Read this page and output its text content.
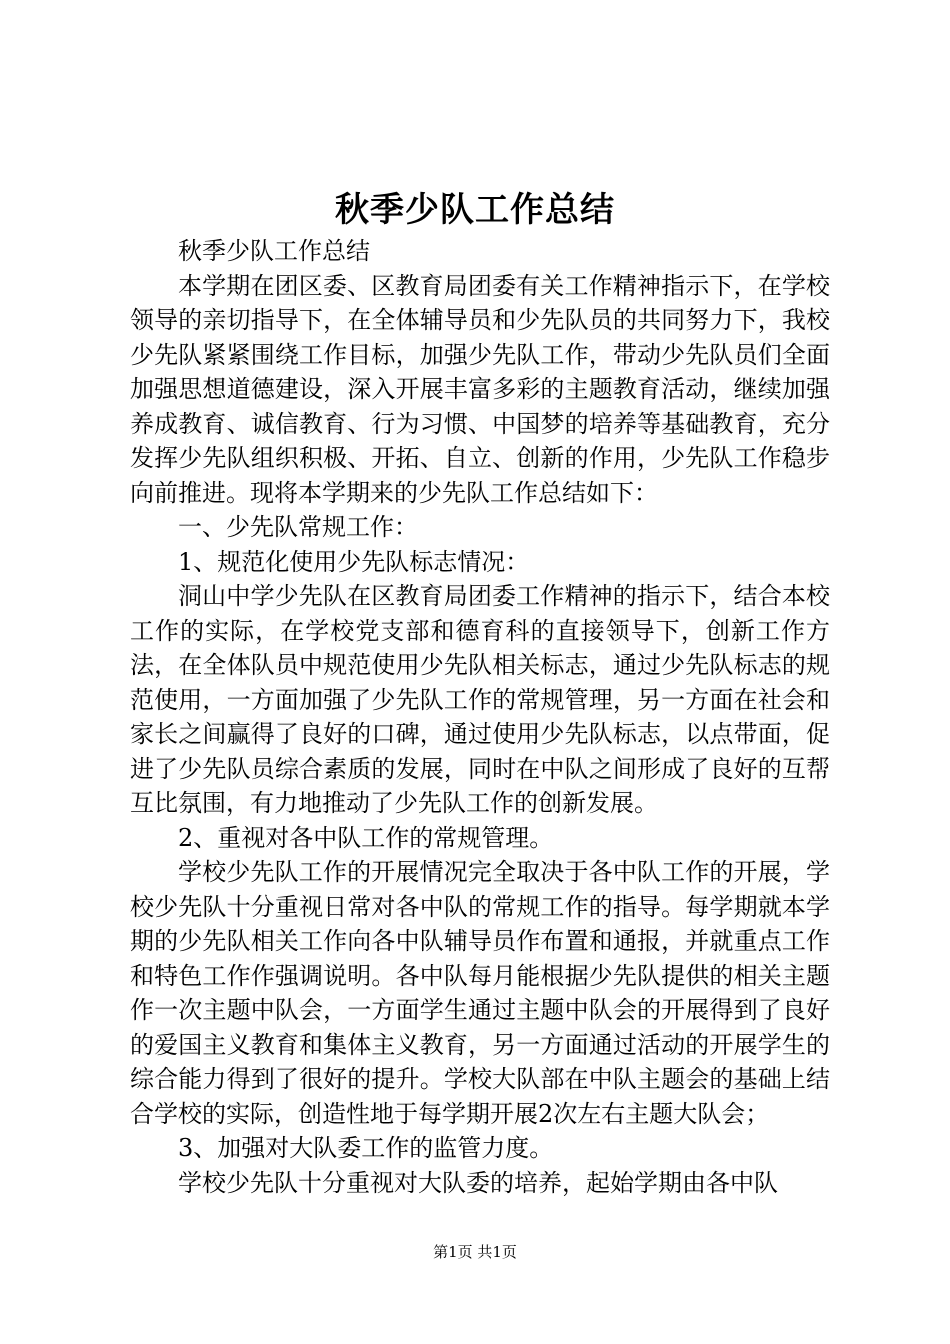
秋季少队工作总结

秋季少队工作总结

本学期在团区委、区教育局团委有关工作精神指示下，在学校领导的亲切指导下，在全体辅导员和少先队员的共同努力下，我校少先队紧紧围绕工作目标，加强少先队工作，带动少先队员们全面加强思想道德建设，深入开展丰富多彩的主题教育活动，继续加强养成教育、诚信教育、行为习惯、中国梦的培养等基础教育，充分发挥少先队组织积极、开拓、自立、创新的作用，少先队工作稳步向前推进。现将本学期来的少先队工作总结如下：

一、少先队常规工作：

1、规范化使用少先队标志情况：

洞山中学少先队在区教育局团委工作精神的指示下，结合本校工作的实际，在学校党支部和德育科的直接领导下，创新工作方法，在全体队员中规范使用少先队相关标志，通过少先队标志的规范使用，一方面加强了少先队工作的常规管理，另一方面在社会和家长之间赢得了良好的口碑，通过使用少先队标志，以点带面，促进了少先队员综合素质的发展，同时在中队之间形成了良好的互帮互比氛围，有力地推动了少先队工作的创新发展。

2、重视对各中队工作的常规管理。

学校少先队工作的开展情况完全取决于各中队工作的开展，学校少先队十分重视日常对各中队的常规工作的指导。每学期就本学期的少先队相关工作向各中队辅导员作布置和通报，并就重点工作和特色工作作强调说明。各中队每月能根据少先队提供的相关主题作一次主题中队会，一方面学生通过主题中队会的开展得到了良好的爱国主义教育和集体主义教育，另一方面通过活动的开展学生的综合能力得到了很好的提升。学校大队部在中队主题会的基础上结合学校的实际，创造性地于每学期开展2次左右主题大队会；

3、加强对大队委工作的监管力度。

学校少先队十分重视对大队委的培养，起始学期由各中队

第1页 共1页
